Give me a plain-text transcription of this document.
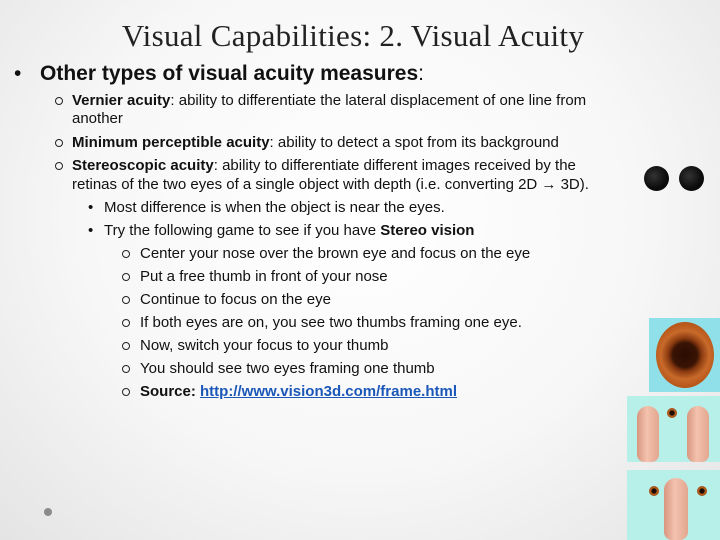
Visual Capabilities: 2. Visual Acuity
• Other types of visual acuity measures:
Vernier acuity: ability to differentiate the lateral displacement of one line from
another
Minimum perceptible acuity: ability to detect a spot from its background
Stereoscopic acuity: ability to differentiate different images received by the
retinas of the two eyes of a single object with depth (i.e. converting 2D → 3D).
• Most difference is when the object is near the eyes.
• Try the following game to see if you have Stereo vision
Center your nose over the brown eye and focus on the eye
Put a free thumb in front of your nose
Continue to focus on the eye
If both eyes are on, you see two thumbs framing one eye.
Now, switch your focus to your thumb
You should see two eyes framing one thumb
Source: http://www.vision3d.com/frame.html
